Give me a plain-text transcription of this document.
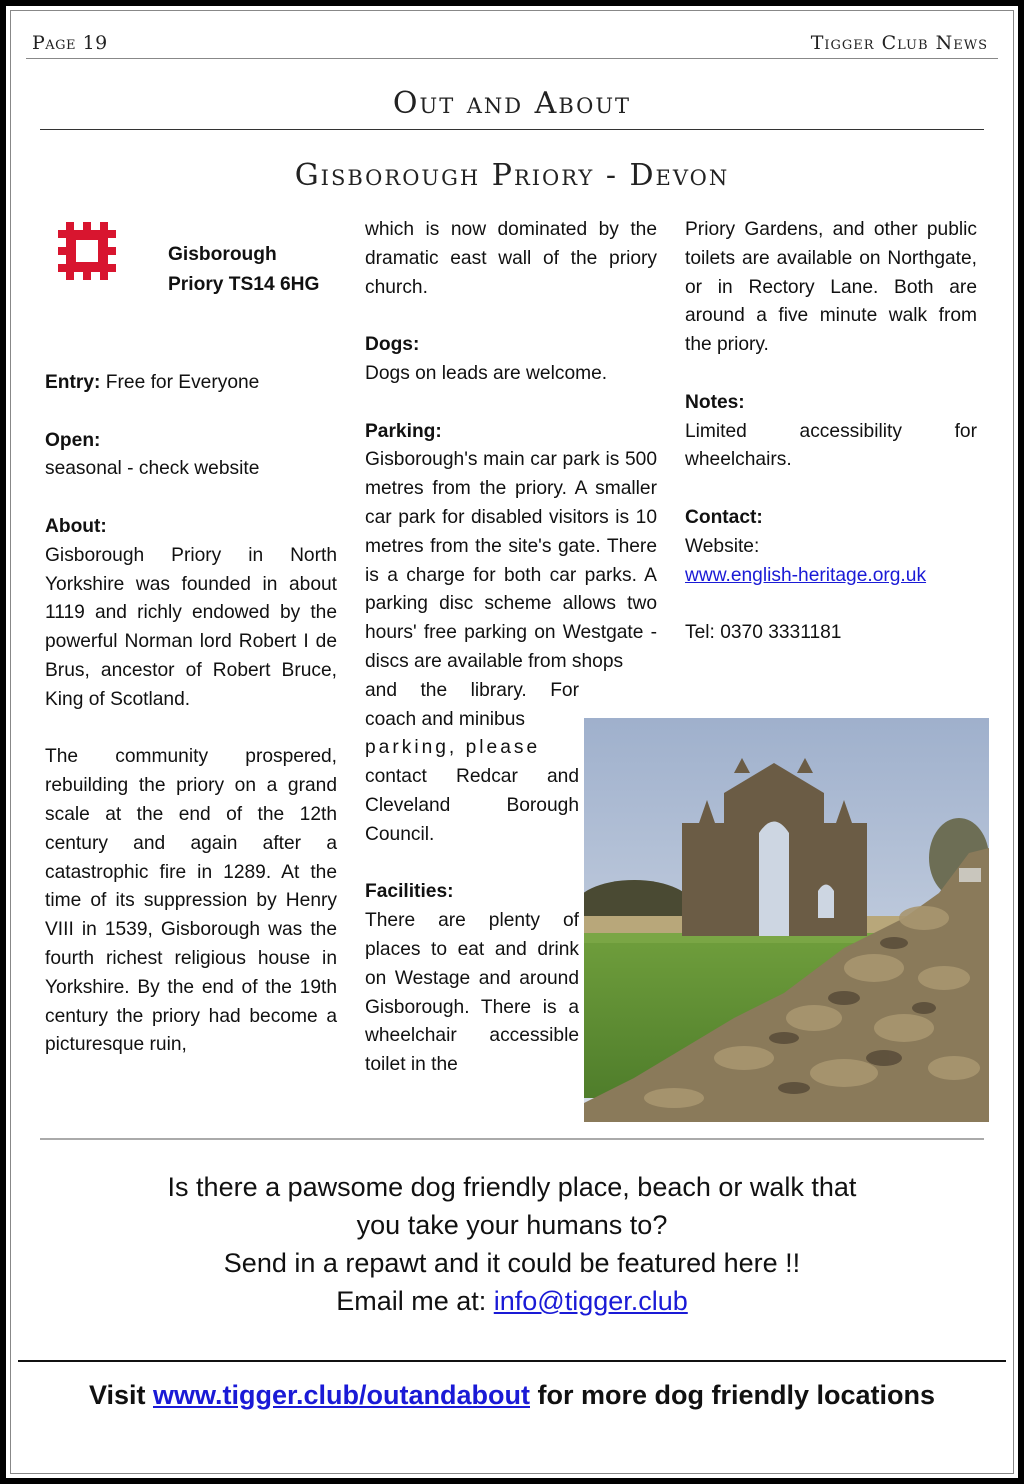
Page 19	Tigger Club News
Out and About
Gisborough Priory - Devon
Gisborough
Priory TS14 6HG

Entry: Free for Everyone

Open:

seasonal - check website

About:

Gisborough Priory in North Yorkshire was founded in about 1119 and richly endowed by the powerful Norman lord Robert I de Brus, ancestor of Robert Bruce, King of Scotland.

The community prospered, rebuilding the priory on a grand scale at the end of the 12th century and again after a catastrophic fire in 1289. At the time of its suppression by Henry VIII in 1539, Gisborough was the fourth richest religious house in Yorkshire. By the end of the 19th century the priory had become a picturesque ruin,

which is now dominated by the dramatic east wall of the priory church.

Dogs:

Dogs on leads are welcome.

Parking:

Gisborough's main car park is 500 metres from the priory. A smaller car park for disabled visitors is 10 metres from the site's gate. There is a charge for both car parks. A parking disc scheme allows two hours' free parking on Westgate - discs are available from shops

and the library. For coach and minibus

parking, please

contact Redcar and Cleveland Borough Council.

Facilities:

There are plenty of places to eat and drink on Westage and around Gisborough. There is a wheelchair accessible toilet in the

Priory Gardens, and other public toilets are available on Northgate, or in Rectory Lane. Both are around a five minute walk from the priory.

Notes:

Limited accessibility for wheelchairs.

Contact:

Website:

www.english-heritage.org.uk

Tel: 0370 3331181

Is there a pawsome dog friendly place, beach or walk that
you take your humans to?
Send in a repawt and it could be featured here !!
Email me at: info@tigger.club
Visit www.tigger.club/outandabout for more dog friendly locations
